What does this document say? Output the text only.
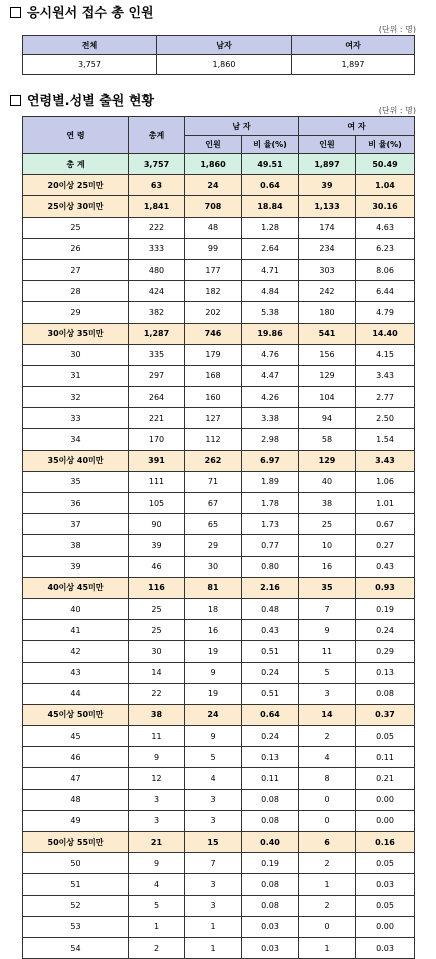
응시원서 접수 총 인원
(단위 : 명)
전체	남자	여자
3,757	1,860	1,897
연령별.성별 출원 현황
(단위 : 명)
연 령	총계	남 자		여 자	
		인원	비 율(%)	인원	비 율(%)
총 계	3,757	1,860	49.51	1,897	50.49
20이상 25미만	63	24	0.64	39	1.04
25이상 30미만	1,841	708	18.84	1,133	30.16
25	222	48	1.28	174	4.63
26	333	99	2.64	234	6.23
27	480	177	4.71	303	8.06
28	424	182	4.84	242	6.44
29	382	202	5.38	180	4.79
30이상 35미만	1,287	746	19.86	541	14.40
30	335	179	4.76	156	4.15
31	297	168	4.47	129	3.43
32	264	160	4.26	104	2.77
33	221	127	3.38	94	2.50
34	170	112	2.98	58	1.54
35이상 40미만	391	262	6.97	129	3.43
35	111	71	1.89	40	1.06
36	105	67	1.78	38	1.01
37	90	65	1.73	25	0.67
38	39	29	0.77	10	0.27
39	46	30	0.80	16	0.43
40이상 45미만	116	81	2.16	35	0.93
40	25	18	0.48	7	0.19
41	25	16	0.43	9	0.24
42	30	19	0.51	11	0.29
43	14	9	0.24	5	0.13
44	22	19	0.51	3	0.08
45이상 50미만	38	24	0.64	14	0.37
45	11	9	0.24	2	0.05
46	9	5	0.13	4	0.11
47	12	4	0.11	8	0.21
48	3	3	0.08	0	0.00
49	3	3	0.08	0	0.00
50이상 55미만	21	15	0.40	6	0.16
50	9	7	0.19	2	0.05
51	4	3	0.08	1	0.03
52	5	3	0.08	2	0.05
53	1	1	0.03	0	0.00
54	2	1	0.03	1	0.03
